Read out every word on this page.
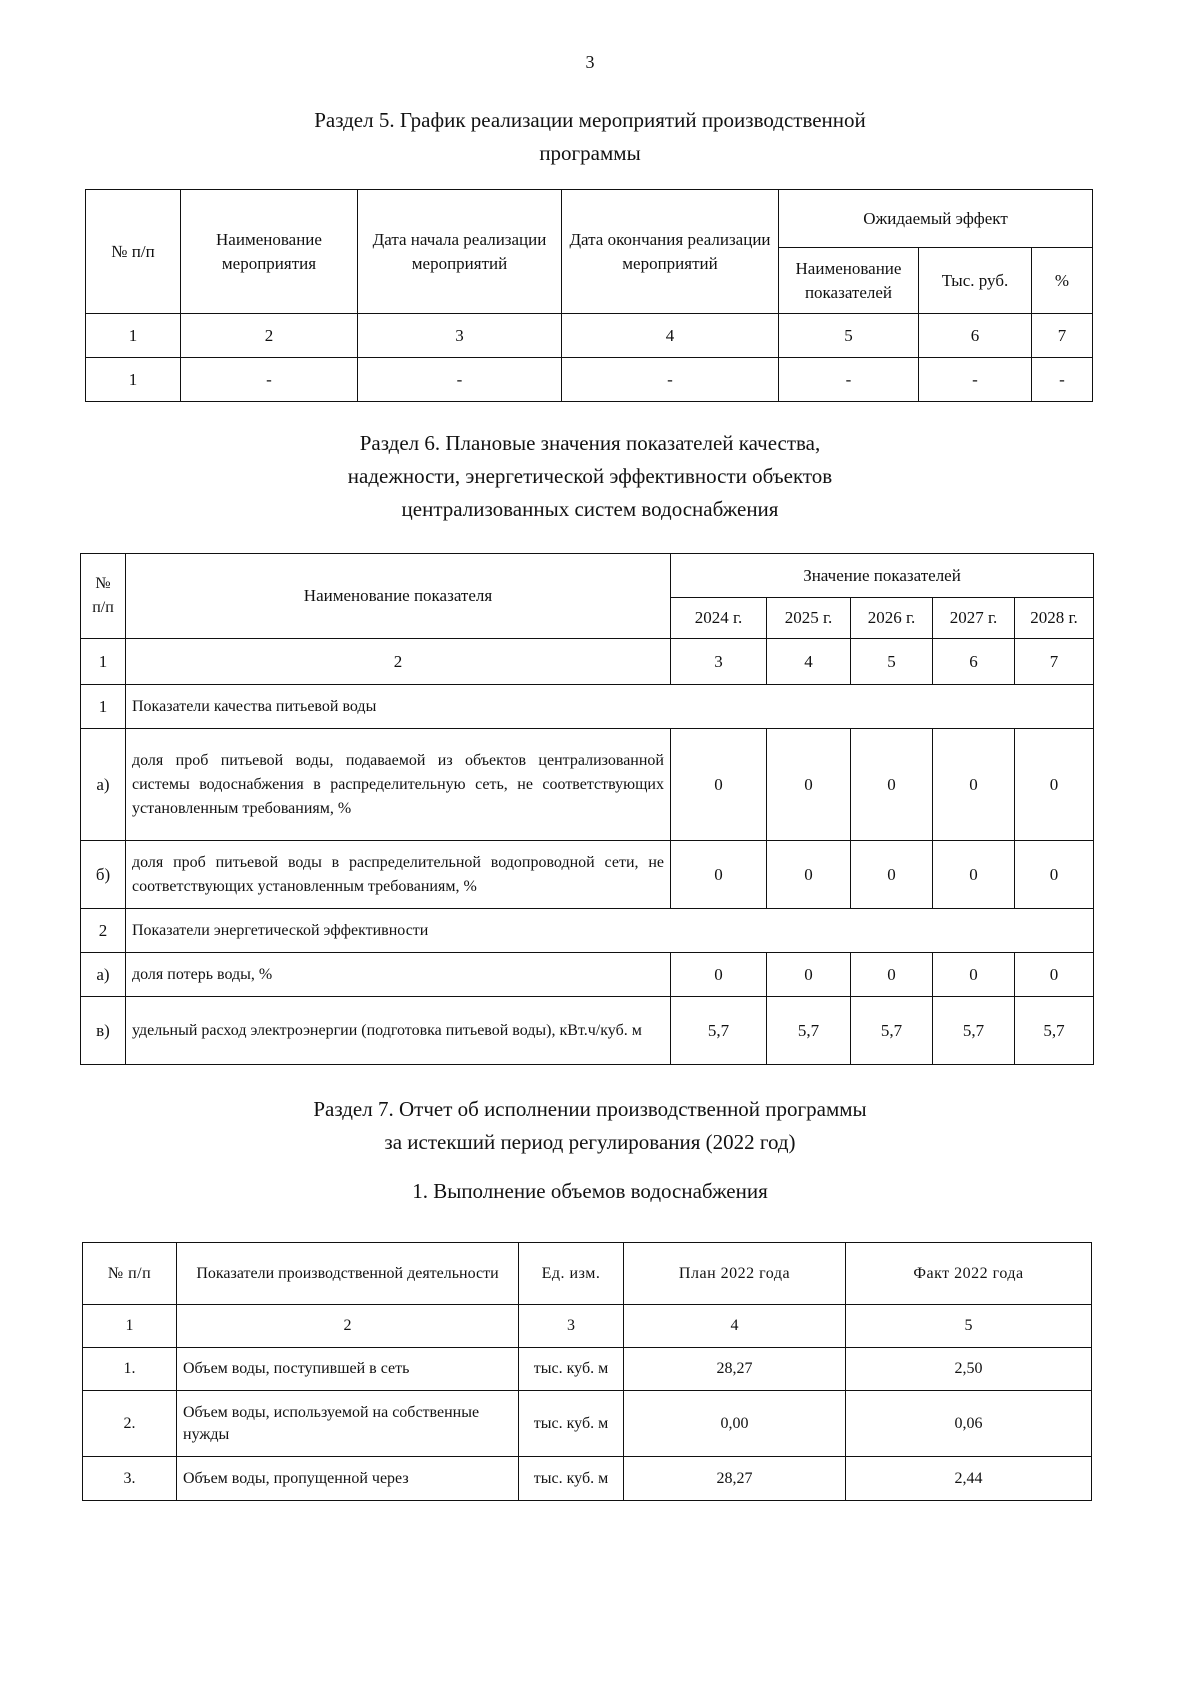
3
Раздел 5. График реализации мероприятий производственной
программы
№ п/п	Наименование мероприятия	Дата начала реализации мероприятий	Дата окончания реализации мероприятий	Ожидаемый эффект		
				Наименование показателей	Тыс. руб.	%
1	2	3	4	5	6	7
1	-	-	-	-	-	-
Раздел 6. Плановые значения показателей качества,
надежности, энергетической эффективности объектов
централизованных систем водоснабжения
№ п/п	Наименование показателя	Значение показателей				
		2024 г.	2025 г.	2026 г.	2027 г.	2028 г.
1	2	3	4	5	6	7
1	Показатели качества питьевой воды					
а)	доля проб питьевой воды, подаваемой из объектов централизованной системы водоснабжения в распределительную сеть, не соответствующих установленным требованиям, %	0	0	0	0	0
б)	доля проб питьевой воды в распределительной водопроводной сети, не соответствующих установленным требованиям, %	0	0	0	0	0
2	Показатели энергетической эффективности					
а)	доля потерь воды, %	0	0	0	0	0
в)	удельный расход электроэнергии (подготовка питьевой воды), кВт.ч/куб. м	5,7	5,7	5,7	5,7	5,7
Раздел 7. Отчет об исполнении производственной программы
за истекший период регулирования (2022 год)
1. Выполнение объемов водоснабжения
№ п/п	Показатели производственной деятельности	Ед. изм.	План 2022 года	Факт 2022 года
1	2	3	4	5
1.	Объем воды, поступившей в сеть	тыс. куб. м	28,27	2,50
2.	Объем воды, используемой на собственные нужды	тыс. куб. м	0,00	0,06
3.	Объем воды, пропущенной через	тыс. куб. м	28,27	2,44
